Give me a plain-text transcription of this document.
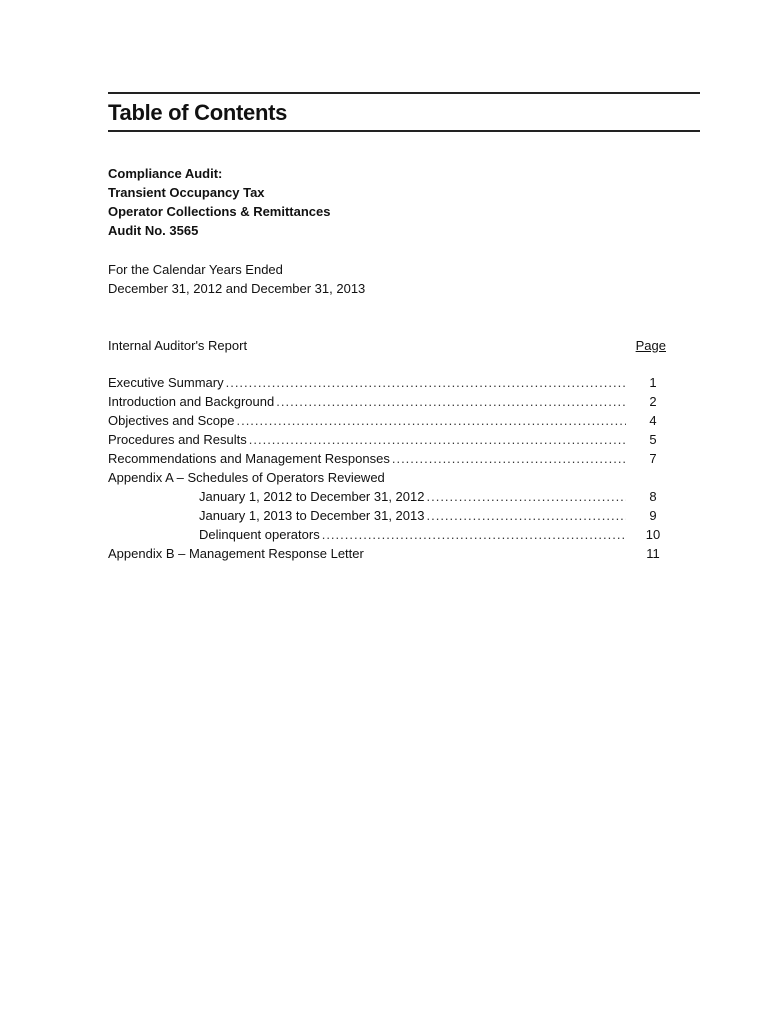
Table of Contents
Compliance Audit:
Transient Occupancy Tax
Operator Collections & Remittances
Audit No. 3565
For the Calendar Years Ended
December 31, 2012 and December 31, 2013
Internal Auditor's Report	Page
Executive Summary .....	1
Introduction and Background .....	2
Objectives and Scope .....	4
Procedures and Results .....	5
Recommendations and Management Responses .....	7
Appendix A – Schedules of Operators Reviewed
January 1, 2012 to December 31, 2012 .....	8
January 1, 2013 to December 31, 2013 .....	9
Delinquent operators .....	10
Appendix B – Management Response Letter	11
